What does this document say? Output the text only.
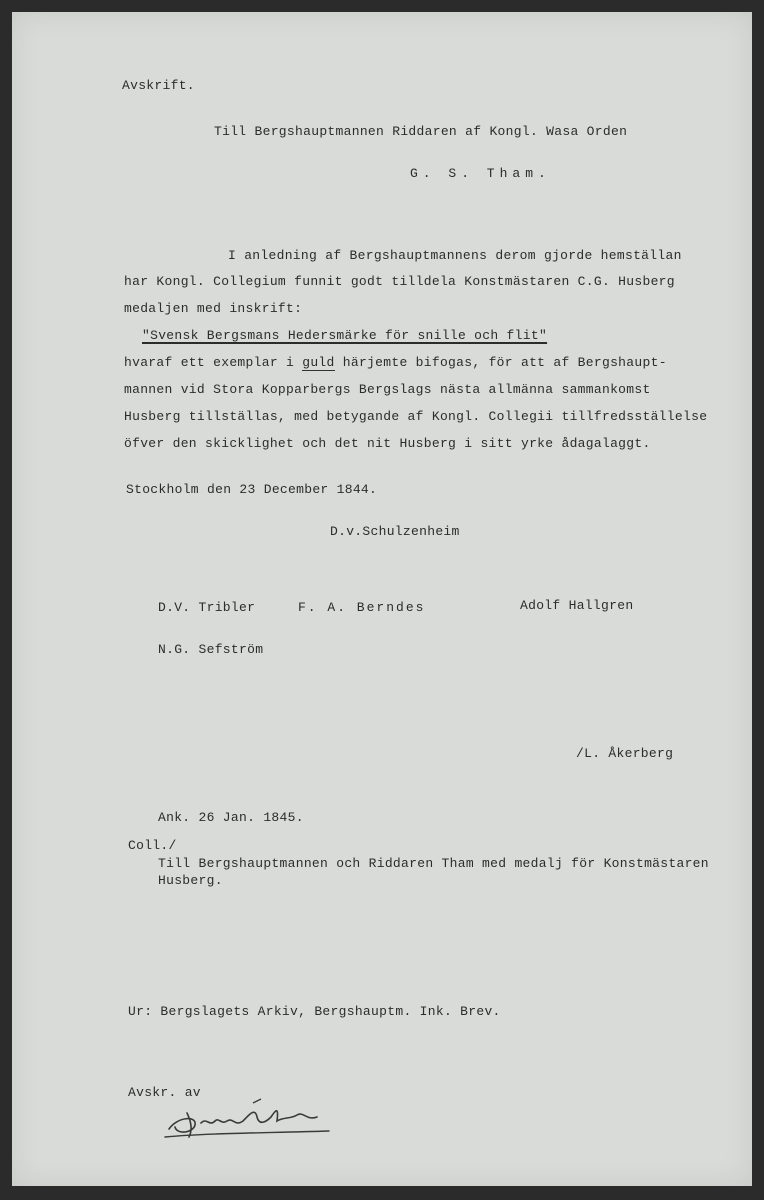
Avskrift.
Till Bergshauptmannen Riddaren af Kongl. Wasa Orden
G. S. Tham.
I anledning af Bergshauptmannens derom gjorde hemställan
har Kongl. Collegium funnit godt tilldela Konstmästaren C.G. Husberg
medaljen med inskrift:
"Svensk Bergsmans Hedersmärke för snille och flit"
hvaraf ett exemplar i guld härjemte bifogas, för att af Bergshaupt-
mannen vid Stora Kopparbergs Bergslags nästa allmänna sammankomst
Husberg tillställas, med betygande af Kongl. Collegii tillfredsställelse
öfver den skicklighet och det nit Husberg i sitt yrke ådagalaggt.
Stockholm den 23 December 1844.
D.v.Schulzenheim
D.V. Tribler	F. A. Berndes	Adolf Hallgren
N.G. Sefström
/L. Åkerberg
Ank. 26 Jan. 1845.
Coll./
Till Bergshauptmannen och Riddaren Tham med medalj för Konstmästaren
Husberg.
Ur: Bergslagets Arkiv, Bergshauptm. Ink. Brev.
Avskr. av
